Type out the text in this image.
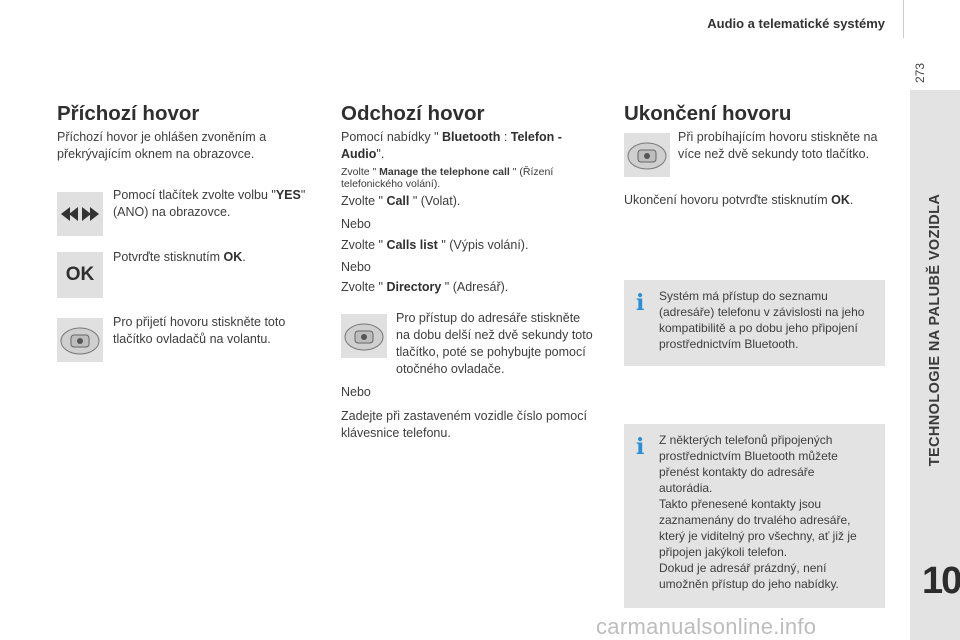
Audio a telematické systémy
273
TECHNOLOGIE NA PALUBĚ VOZIDLA
10
Příchozí hovor
Příchozí hovor je ohlášen zvoněním a
překrývajícím oknem na obrazovce.
Pomocí tlačítek zvolte volbu "YES"
(ANO) na obrazovce.
OK
Potvrďte stisknutím OK.
Pro přijetí hovoru stiskněte toto
tlačítko ovladačů na volantu.
Odchozí hovor
Pomocí nabídky " Bluetooth : Telefon -
Audio".
Zvolte " Manage the telephone call " (Řízení
telefonického volání).
Zvolte " Call " (Volat).
Nebo
Zvolte " Calls list " (Výpis volání).
Nebo
Zvolte " Directory " (Adresář).
Pro přístup do adresáře stiskněte
na dobu delší než dvě sekundy toto
tlačítko, poté se pohybujte pomocí
otočného ovladače.
Nebo
Zadejte při zastaveném vozidle číslo pomocí
klávesnice telefonu.
Ukončení hovoru
Při probíhajícím hovoru stiskněte na
více než dvě sekundy toto tlačítko.
Ukončení hovoru potvrďte stisknutím OK.
i	Systém má přístup do seznamu
(adresáře) telefonu v závislosti na jeho
kompatibilitě a po dobu jeho připojení
prostřednictvím Bluetooth.
i	Z některých telefonů připojených
prostřednictvím Bluetooth můžete
přenést kontakty do adresáře
autorádia.
Takto přenesené kontakty jsou
zaznamenány do trvalého adresáře,
který je viditelný pro všechny, ať již je
připojen jakýkoli telefon.
Dokud je adresář prázdný, není
umožněn přístup do jeho nabídky.
carmanualsonline.info
